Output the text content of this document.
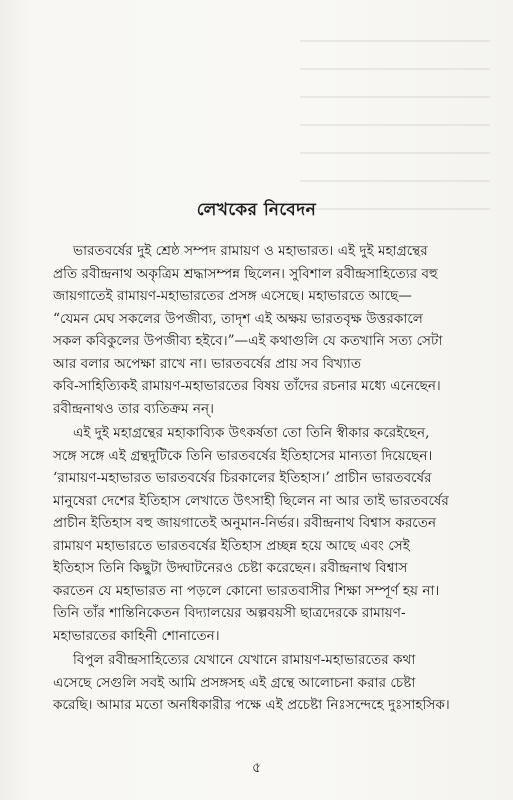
লেখকের নিবেদন

ভারতবর্ষের দুই শ্রেষ্ঠ সম্পদ রামায়ণ ও মহাভারত। এই দুই মহাগ্রন্থের
প্রতি রবীন্দ্রনাথ অকৃত্রিম শ্রদ্ধাসম্পন্ন ছিলেন। সুবিশাল রবীন্দ্রসাহিত্যের বহু
জায়গাতেই রামায়ণ-মহাভারতের প্রসঙ্গ এসেছে। মহাভারতে আছে—
“যেমন মেঘ সকলের উপজীব্য, তাদৃশ এই অক্ষয় ভারতবৃক্ষ উত্তরকালে
সকল কবিকুলের উপজীব্য হইবে।”—এই কথাগুলি যে কতখানি সত্য সেটা
আর বলার অপেক্ষা রাখে না। ভারতবর্ষের প্রায় সব বিখ্যাত
কবি-সাহিত্যিকই রামায়ণ-মহাভারতের বিষয় তাঁদের রচনার মধ্যে এনেছেন।
রবীন্দ্রনাথও তার ব্যতিক্রম নন্।

এই দুই মহাগ্রন্থের মহাকাব্যিক উৎকর্ষতা তো তিনি স্বীকার করেইছেন,
সঙ্গে সঙ্গে এই গ্রন্থদুটিকে তিনি ভারতবর্ষের ইতিহাসের মান্যতা দিয়েছেন।
‘রামায়ণ-মহাভারত ভারতবর্ষের চিরকালের ইতিহাস।’ প্রাচীন ভারতবর্ষের
মানুষেরা দেশের ইতিহাস লেখাতে উৎসাহী ছিলেন না আর তাই ভারতবর্ষের
প্রাচীন ইতিহাস বহু জায়গাতেই অনুমান-নির্ভর। রবীন্দ্রনাথ বিশ্বাস করতেন
রামায়ণ মহাভারতে ভারতবর্ষের ইতিহাস প্রচ্ছন্ন হয়ে আছে এবং সেই
ইতিহাস তিনি কিছুটা উদ্ঘাটনেরও চেষ্টা করেছেন। রবীন্দ্রনাথ বিশ্বাস
করতেন যে মহাভারত না পড়লে কোনো ভারতবাসীর শিক্ষা সম্পূর্ণ হয় না।
তিনি তাঁর শান্তিনিকেতন বিদ্যালয়ের অল্পবয়সী ছাত্রদেরকে রামায়ণ-
মহাভারতের কাহিনী শোনাতেন।

বিপুল রবীন্দ্রসাহিত্যের যেখানে যেখানে রামায়ণ-মহাভারতের কথা
এসেছে সেগুলি সবই আমি প্রসঙ্গসহ এই গ্রন্থে আলোচনা করার চেষ্টা
করেছি। আমার মতো অনধিকারীর পক্ষে এই প্রচেষ্টা নিঃসন্দেহে দুঃসাহসিক।

৫
